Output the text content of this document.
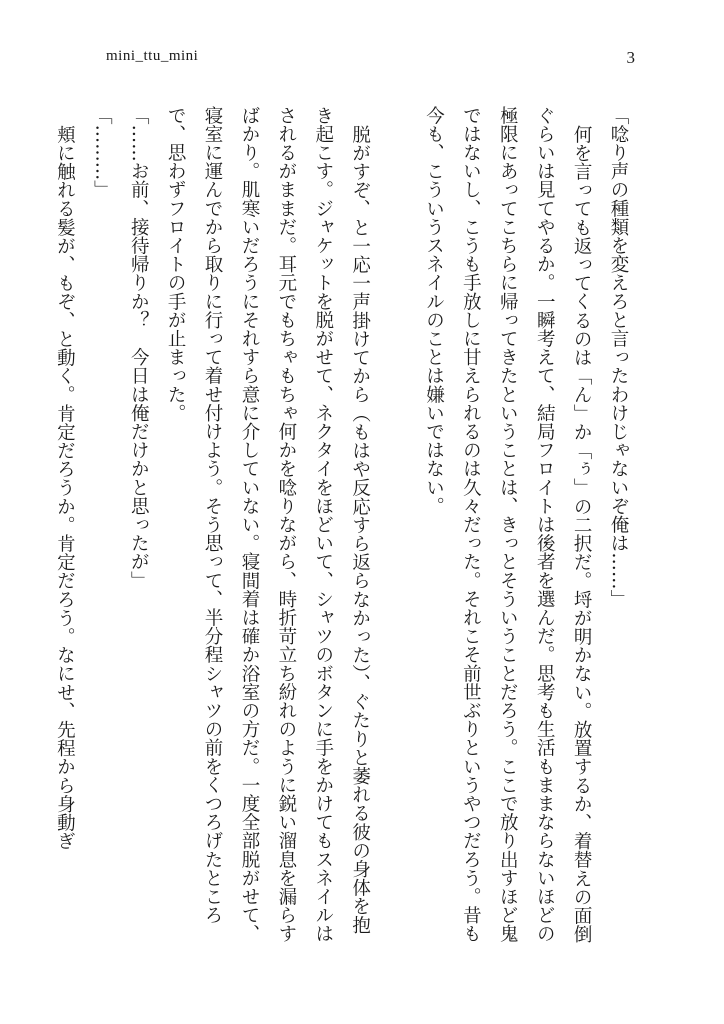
mini_ttu_mini	3

「唸り声の種類を変えろと言ったわけじゃないぞ俺は……」

何を言っても返ってくるのは「ん」か「ぅ」の二択だ。埒が明かない。放置するか、着替えの面倒ぐらいは見てやるか。一瞬考えて、結局フロイトは後者を選んだ。思考も生活もままならないほどの極限にあってこちらに帰ってきたということは、きっとそういうことだろう。ここで放り出すほど鬼ではないし、こうも手放しに甘えられるのは久々だった。それこそ前世ぶりというやつだろう。昔も今も、こういうスネイルのことは嫌いではない。

脱がすぞ、と一応一声掛けてから（もはや反応すら返らなかった）、ぐたりと萎れる彼の身体を抱き起こす。ジャケットを脱がせて、ネクタイをほどいて、シャツのボタンに手をかけてもスネイルはされるがままだ。耳元でもちゃもちゃ何かを唸りながら、時折苛立ち紛れのように鋭い溜息を漏らすばかり。肌寒いだろうにそれすら意に介していない。寝間着は確か浴室の方だ。一度全部脱がせて、寝室に運んでから取りに行って着せ付けよう。そう思って、半分程シャツの前をくつろげたところで、思わずフロイトの手が止まった。

「……お前、接待帰りか？　今日は俺だけかと思ったが」

「………」

頬に触れる髪が、もぞ、と動く。肯定だろうか。肯定だろう。なにせ、先程から身動ぎ
